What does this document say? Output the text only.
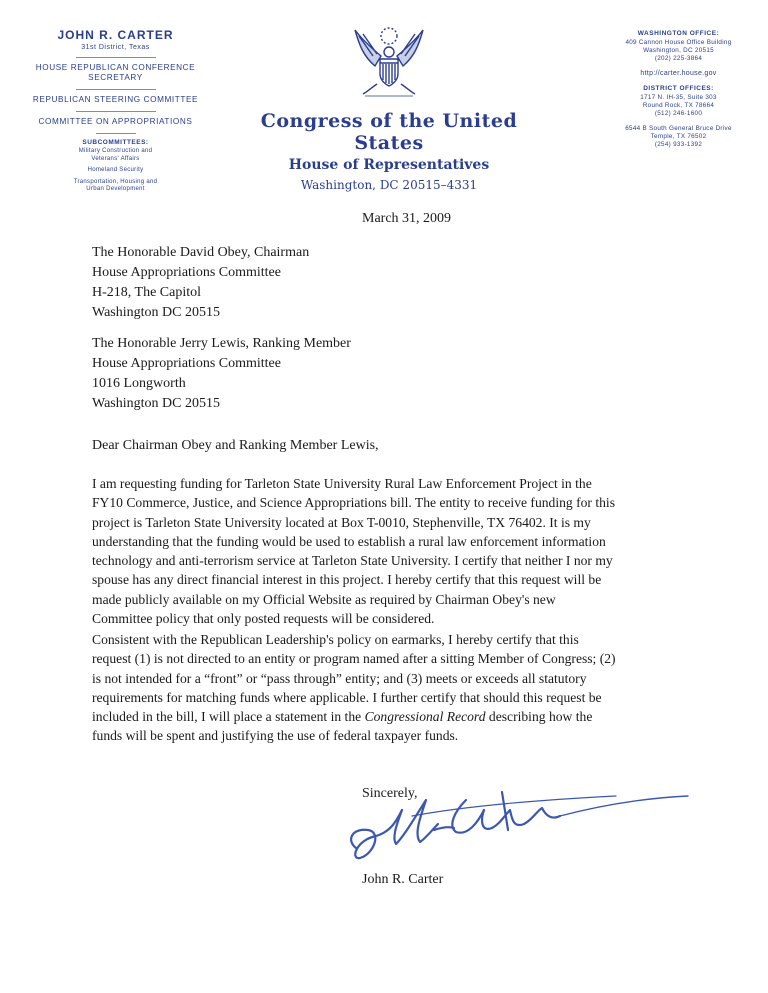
JOHN R. CARTER
31st District, Texas
HOUSE REPUBLICAN CONFERENCE
SECRETARY
REPUBLICAN STEERING COMMITTEE
COMMITTEE ON APPROPRIATIONS
SUBCOMMITTEES:
Military Construction and
Veterans' Affairs
Homeland Security
Transportation, Housing and
Urban Development
Congress of the United States
House of Representatives
Washington, DC 20515–4331
WASHINGTON OFFICE:
409 Cannon House Office Building
Washington, DC 20515
(202) 225-3864
http://carter.house.gov
DISTRICT OFFICES:
1717 N. IH-35, Suite 303
Round Rock, TX 78664
(512) 246-1600
6544 B South General Bruce Drive
Temple, TX 76502
(254) 933-1392
March 31, 2009
The Honorable David Obey, Chairman
House Appropriations Committee
H-218, The Capitol
Washington DC 20515
The Honorable Jerry Lewis, Ranking Member
House Appropriations Committee
1016 Longworth
Washington DC 20515
Dear Chairman Obey and Ranking Member Lewis,
I am requesting funding for Tarleton State University Rural Law Enforcement Project in the
FY10 Commerce, Justice, and Science Appropriations bill. The entity to receive funding for this
project is Tarleton State University located at Box T-0010, Stephenville, TX 76402. It is my
understanding that the funding would be used to establish a rural law enforcement information
technology and anti-terrorism service at Tarleton State University. I certify that neither I nor my
spouse has any direct financial interest in this project. I hereby certify that this request will be
made publicly available on my Official Website as required by Chairman Obey's new
Committee policy that only posted requests will be considered.
Consistent with the Republican Leadership's policy on earmarks, I hereby certify that this
request (1) is not directed to an entity or program named after a sitting Member of Congress; (2)
is not intended for a “front” or “pass through” entity; and (3) meets or exceeds all statutory
requirements for matching funds where applicable. I further certify that should this request be
included in the bill, I will place a statement in the Congressional Record describing how the
funds will be spent and justifying the use of federal taxpayer funds.
Sincerely,
John R. Carter
